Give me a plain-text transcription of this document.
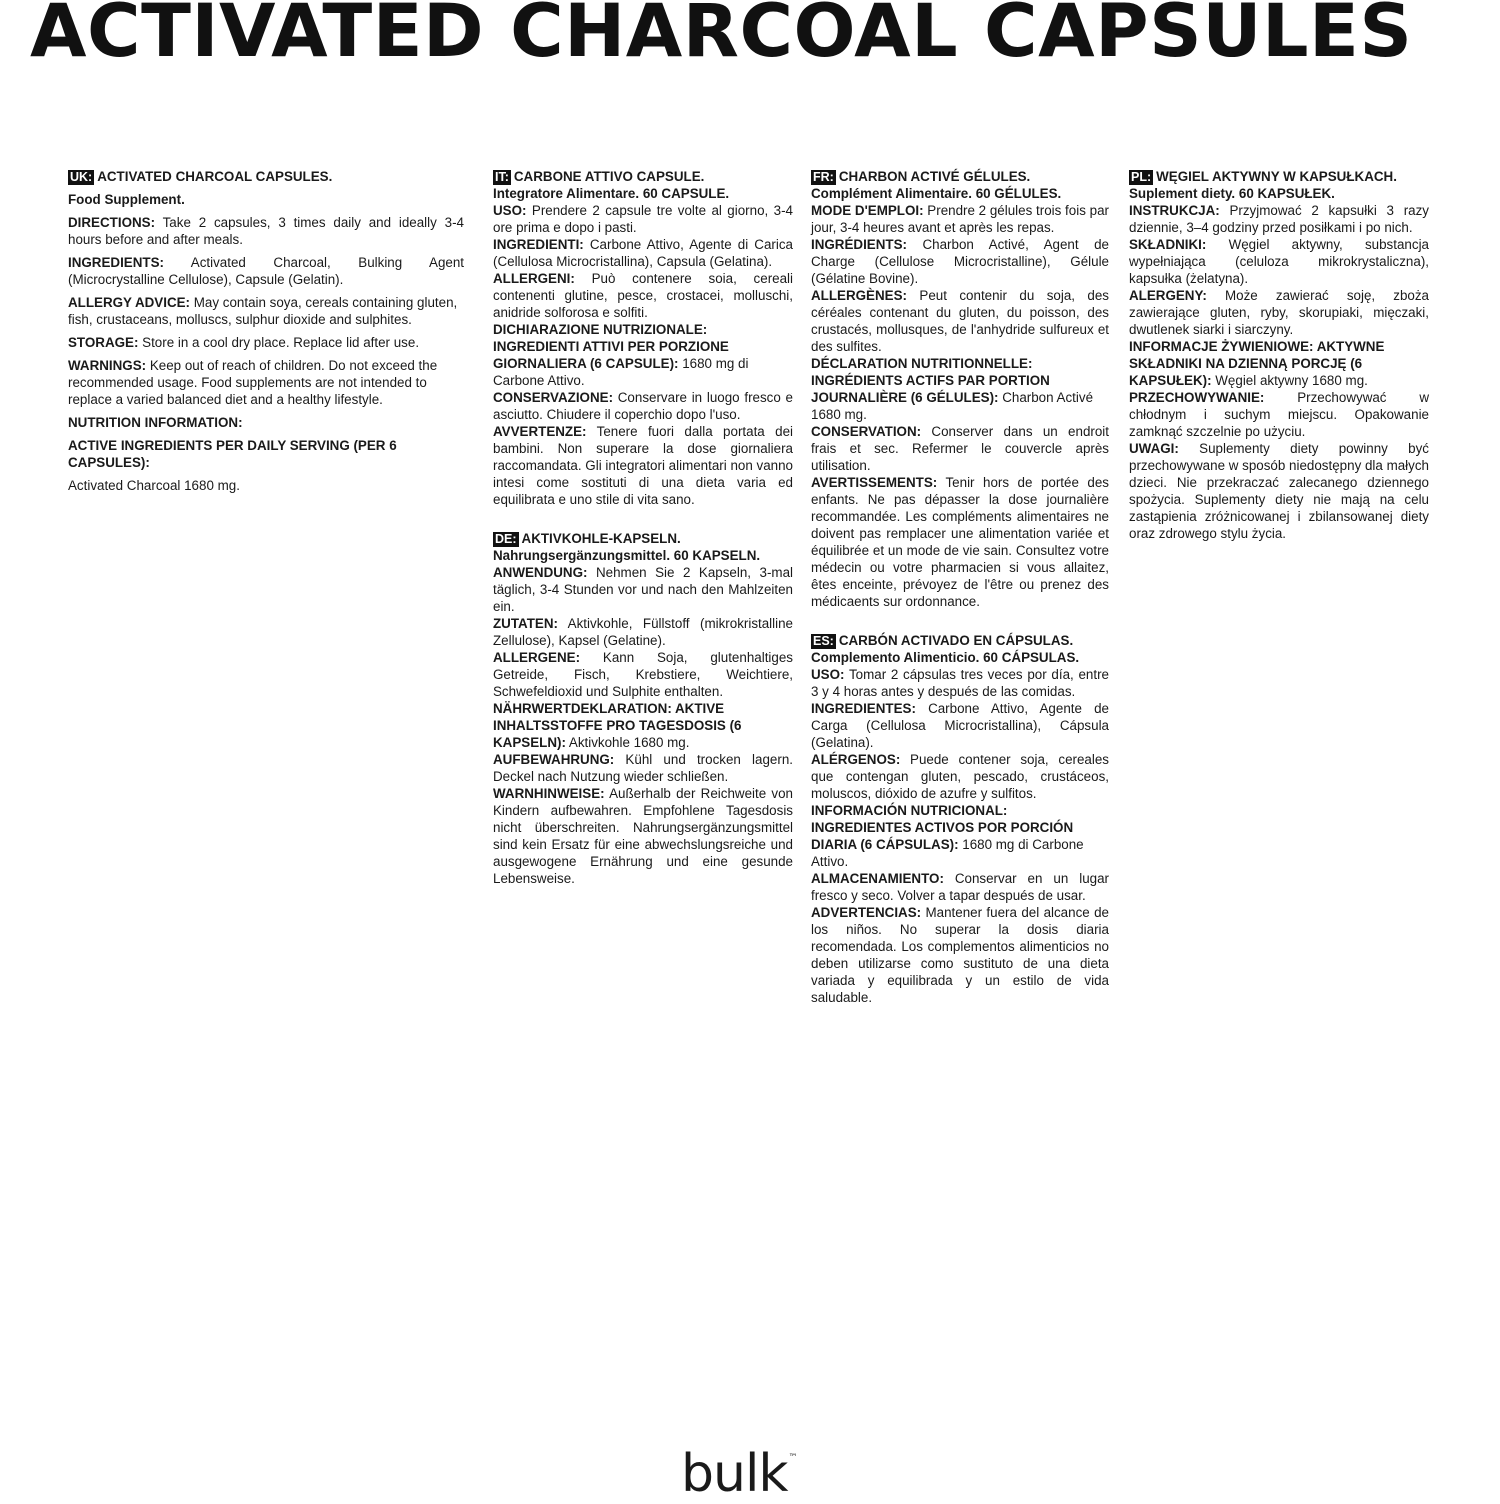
ACTIVATED CHARCOAL CAPSULES
UK: ACTIVATED CHARCOAL CAPSULES.
Food Supplement.

DIRECTIONS: Take 2 capsules, 3 times daily and ideally 3-4 hours before and after meals.

INGREDIENTS: Activated Charcoal, Bulking Agent (Microcrystalline Cellulose), Capsule (Gelatin).

ALLERGY ADVICE: May contain soya, cereals containing gluten, fish, crustaceans, molluscs, sulphur dioxide and sulphites.

STORAGE: Store in a cool dry place. Replace lid after use.

WARNINGS: Keep out of reach of children. Do not exceed the recommended usage. Food supplements are not intended to replace a varied balanced diet and a healthy lifestyle.

NUTRITION INFORMATION:

ACTIVE INGREDIENTS PER DAILY SERVING (PER 6 CAPSULES):

Activated Charcoal 1680 mg.

IT: CARBONE ATTIVO CAPSULE.
Integratore Alimentare. 60 CAPSULE.

USO: Prendere 2 capsule tre volte al giorno, 3-4 ore prima e dopo i pasti.

INGREDIENTI: Carbone Attivo, Agente di Carica (Cellulosa Microcristallina), Capsula (Gelatina).

ALLERGENI: Può contenere soia, cereali contenenti glutine, pesce, crostacei, molluschi, anidride solforosa e solfiti.

DICHIARAZIONE NUTRIZIONALE: INGREDIENTI ATTIVI PER PORZIONE GIORNALIERA (6 CAPSULE): 1680 mg di Carbone Attivo.

CONSERVAZIONE: Conservare in luogo fresco e asciutto. Chiudere il coperchio dopo l'uso.

AVVERTENZE: Tenere fuori dalla portata dei bambini. Non superare la dose giornaliera raccomandata. Gli integratori alimentari non vanno intesi come sostituti di una dieta varia ed equilibrata e uno stile di vita sano.

DE: AKTIVKOHLE-KAPSELN.
Nahrungsergänzungsmittel. 60 KAPSELN.

ANWENDUNG: Nehmen Sie 2 Kapseln, 3-mal täglich, 3-4 Stunden vor und nach den Mahlzeiten ein.

ZUTATEN: Aktivkohle, Füllstoff (mikrokristalline Zellulose), Kapsel (Gelatine).

ALLERGENE: Kann Soja, glutenhaltiges Getreide, Fisch, Krebstiere, Weichtiere, Schwefeldioxid und Sulphite enthalten.

NÄHRWERTDEKLARATION: AKTIVE INHALTSSTOFFE PRO TAGESDOSIS (6 KAPSELN): Aktivkohle 1680 mg.

AUFBEWAHRUNG: Kühl und trocken lagern. Deckel nach Nutzung wieder schließen.

WARNHINWEISE: Außerhalb der Reichweite von Kindern aufbewahren. Empfohlene Tagesdosis nicht überschreiten. Nahrungsergänzungsmittel sind kein Ersatz für eine abwechslungsreiche und ausgewogene Ernährung und eine gesunde Lebensweise.

FR: CHARBON ACTIVÉ GÉLULES. Complément Alimentaire. 60 GÉLULES.

MODE D'EMPLOI: Prendre 2 gélules trois fois par jour, 3-4 heures avant et après les repas.

INGRÉDIENTS: Charbon Activé, Agent de Charge (Cellulose Microcristalline), Gélule (Gélatine Bovine).

ALLERGÈNES: Peut contenir du soja, des céréales contenant du gluten, du poisson, des crustacés, mollusques, de l'anhydride sulfureux et des sulfites.

DÉCLARATION NUTRITIONNELLE: INGRÉDIENTS ACTIFS PAR PORTION JOURNALIÈRE (6 GÉLULES): Charbon Activé 1680 mg.

CONSERVATION: Conserver dans un endroit frais et sec. Refermer le couvercle après utilisation.

AVERTISSEMENTS: Tenir hors de portée des enfants. Ne pas dépasser la dose journalière recommandée. Les compléments alimentaires ne doivent pas remplacer une alimentation variée et équilibrée et un mode de vie sain. Consultez votre médecin ou votre pharmacien si vous allaitez, êtes enceinte, prévoyez de l'être ou prenez des médicaents sur ordonnance.

ES: CARBÓN ACTIVADO EN CÁPSULAS.
Complemento Alimenticio. 60 CÁPSULAS.

USO: Tomar 2 cápsulas tres veces por día, entre 3 y 4 horas antes y después de las comidas.

INGREDIENTES: Carbone Attivo, Agente de Carga (Cellulosa Microcristallina), Cápsula (Gelatina).

ALÉRGENOS: Puede contener soja, cereales que contengan gluten, pescado, crustáceos, moluscos, dióxido de azufre y sulfitos.

INFORMACIÓN NUTRICIONAL: INGREDIENTES ACTIVOS POR PORCIÓN DIARIA (6 CÁPSULAS): 1680 mg di Carbone Attivo.

ALMACENAMIENTO: Conservar en un lugar fresco y seco. Volver a tapar después de usar.

ADVERTENCIAS: Mantener fuera del alcance de los niños. No superar la dosis diaria recomendada. Los complementos alimenticios no deben utilizarse como sustituto de una dieta variada y equilibrada y un estilo de vida saludable.

PL: WĘGIEL AKTYWNY W KAPSUŁKACH.
Suplement diety. 60 KAPSUŁEK.

INSTRUKCJA: Przyjmować 2 kapsułki 3 razy dziennie, 3–4 godziny przed posiłkami i po nich.

SKŁADNIKI: Węgiel aktywny, substancja wypełniająca (celuloza mikrokrystaliczna), kapsułka (żelatyna).

ALERGENY: Może zawierać soję, zboża zawierające gluten, ryby, skorupiaki, mięczaki, dwutlenek siarki i siarczyny.

INFORMACJE ŻYWIENIOWE: AKTYWNE SKŁADNIKI NA DZIENNĄ PORCJĘ (6 KAPSUŁEK): Węgiel aktywny 1680 mg.

PRZECHOWYWANIE: Przechowywać w chłodnym i suchym miejscu. Opakowanie zamknąć szczelnie po użyciu.

UWAGI: Suplementy diety powinny być przechowywane w sposób niedostępny dla małych dzieci. Nie przekraczać zalecanego dziennego spożycia. Suplementy diety nie mają na celu zastąpienia zróżnicowanej i zbilansowanej diety oraz zdrowego stylu życia.

bulk™
